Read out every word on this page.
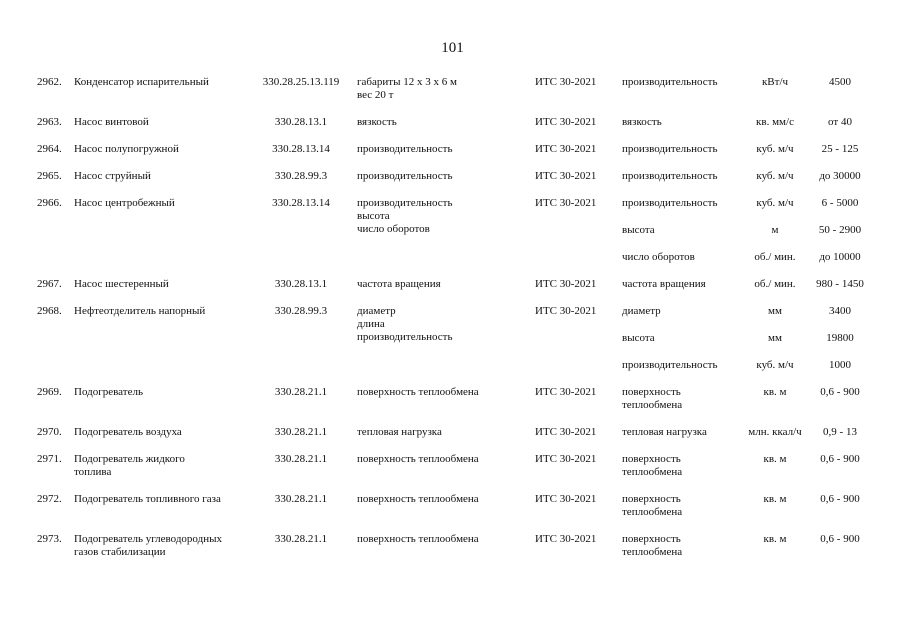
101
2962.	Конденсатор испарительный	330.28.25.13.119	габариты 12 x 3 x 6 м
вес 20 т
ИТС 30-2021	производительность	кВт/ч	4500
2963.	Насос винтовой	330.28.13.1	вязкость	ИТС 30-2021	вязкость	кв. мм/с	от 40
2964.	Насос полупогружной	330.28.13.14	производительность	ИТС 30-2021	производительность	куб. м/ч	25 - 125
2965.	Насос струйный	330.28.99.3	производительность	ИТС 30-2021	производительность	куб. м/ч	до 30000
2966.	Насос центробежный	330.28.13.14	производительность
высота
число оборотов
ИТС 30-2021	производительность	куб. м/ч	6 - 5000
высота	м	50 - 2900
число оборотов	об./ мин.	до 10000
2967.	Насос шестеренный	330.28.13.1	частота вращения	ИТС 30-2021	частота вращения	об./ мин.	980 - 1450
2968.	Нефтеотделитель напорный	330.28.99.3	диаметр
длина
производительность
ИТС 30-2021	диаметр	мм	3400
высота	мм	19800
производительность	куб. м/ч	1000
2969.	Подогреватель	330.28.21.1	поверхность теплообмена	ИТС 30-2021	поверхность
теплообмена
кв. м	0,6 - 900
2970.	Подогреватель воздуха	330.28.21.1	тепловая нагрузка	ИТС 30-2021	тепловая нагрузка	млн. ккал/ч	0,9 - 13
2971.	Подогреватель жидкого
топлива
330.28.21.1	поверхность теплообмена	ИТС 30-2021	поверхность
теплообмена
кв. м	0,6 - 900
2972.	Подогреватель топливного газа	330.28.21.1	поверхность теплообмена	ИТС 30-2021	поверхность
теплообмена
кв. м	0,6 - 900
2973.	Подогреватель углеводородных
газов стабилизации
330.28.21.1	поверхность теплообмена	ИТС 30-2021	поверхность
теплообмена
кв. м	0,6 - 900
